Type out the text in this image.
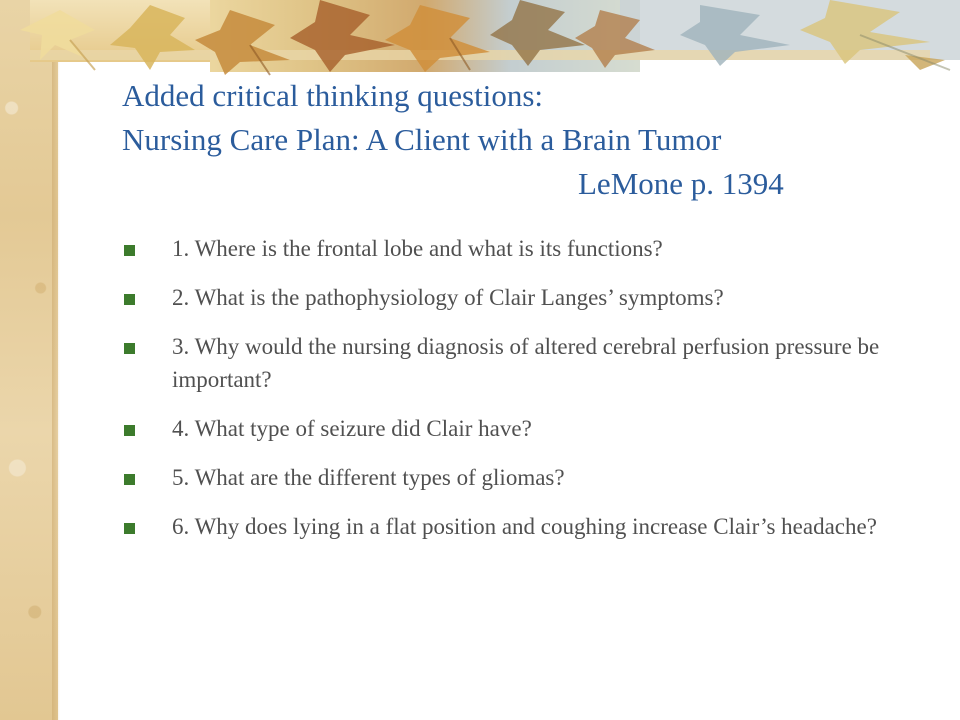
Added critical thinking questions:
Nursing Care Plan: A Client with a Brain Tumor
LeMone p. 1394
1. Where is the frontal lobe and what is its functions?
2. What is the pathophysiology of Clair Langes’ symptoms?
3. Why would the nursing diagnosis of altered cerebral perfusion pressure be important?
4. What type of seizure did Clair have?
5. What are the different types of gliomas?
6. Why does lying in a flat position and coughing increase Clair’s headache?
